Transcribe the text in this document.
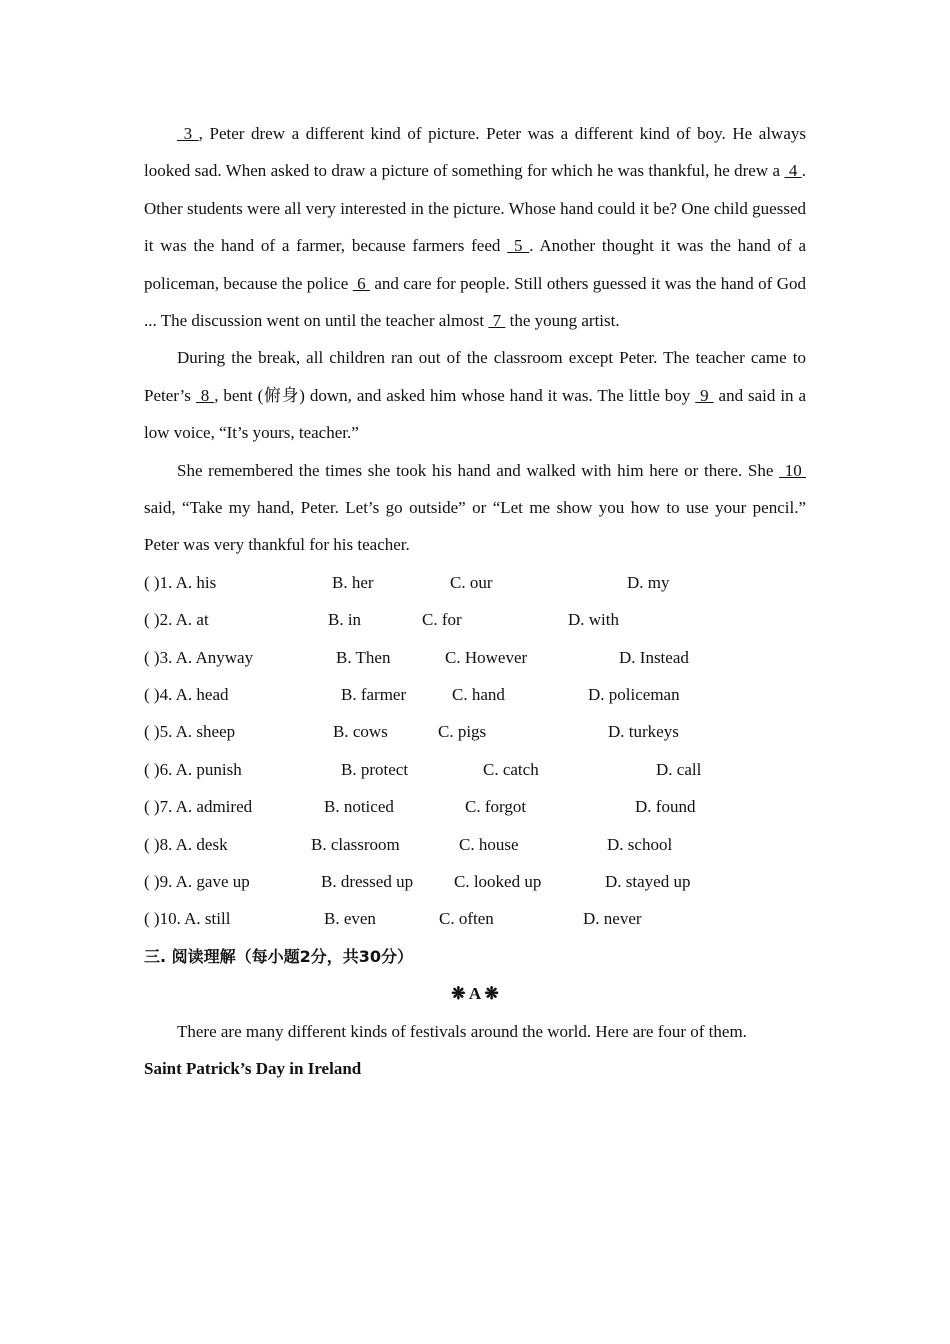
3 , Peter drew a different kind of picture. Peter was a different kind of boy. He always looked sad. When asked to draw a picture of something for which he was thankful, he drew a  4 . Other students were all very interested in the picture. Whose hand could it be? One child guessed it was the hand of a farmer, because farmers feed  5 . Another thought it was the hand of a policeman, because the police  6  and care for people. Still others guessed it was the hand of God ... The discussion went on until the teacher almost  7  the young artist.

During the break, all children ran out of the classroom except Peter. The teacher came to Peter’s  8 , bent (俯身) down, and asked him whose hand it was. The little boy  9  and said in a low voice, “It’s yours, teacher.”

She remembered the times she took his hand and walked with him here or there. She  10  said, “Take my hand, Peter. Let’s go outside” or “Let me show you how to use your pencil.” Peter was very thankful for his teacher.

( )1. A. his	B. her	C. our	D. my
( )2. A. at	B. in	C. for	D. with
( )3. A. Anyway	B. Then	C. However	D. Instead
( )4. A. head	B. farmer	C. hand	D. policeman
( )5. A. sheep	B. cows	C. pigs	D. turkeys
( )6. A. punish	B. protect	C. catch	D. call
( )7. A. admired	B. noticed	C. forgot	D. found
( )8. A. desk	B. classroom	C. house	D. school
( )9. A. gave up	B. dressed up C. looked up	D. stayed up
( )10. A. still	B. even	C. often	D. never
三. 阅读理解（每小题2分，共30分）
❋ A ❋

There are many different kinds of festivals around the world. Here are four of them.

Saint Patrick’s Day in Ireland
